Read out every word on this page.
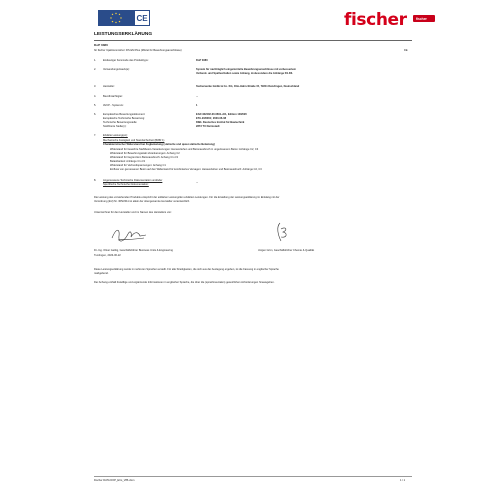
CE	fischer	fischer
LEISTUNGSERKLÄRUNG
DoP 0380
für fischer Injektionsmörtel: FIS EM Plus (Mörtel für Bewehrungsanschlüsse)	DE
1.	Eindeutiger Kenncode des Produkttyps:	DoP 0380
2.	Verwendungszweck(e):	System für nachträglich eingemörtelte Bewehrungsanschlüsse mit verbessertem
Verbund- und Spaltverhalten sowie Anhang, insbesondere die Anhänge D1-D3.
3.	Hersteller:	fischerwerke GmbH & Co. KG, Otto-Hahn-Straße 15, 79211 Denzlingen, Deutschland
4.	Bevollmächtigter:	--
5.	AVCP - System/e:	1
6.	Europäisches Bewertungsdokument:	EAD 332402-00-0601-v01, Edition 10/2020
Europäische Technische Bewertung:	ETA-23/0001; 2023-06-08
Technische Bewertungsstelle:	DIBt- Deutsches Institut für Bautechnik
Notifizierte Stelle(n):	2873 TU Darmstadt
7.	Erklärte Leistung(en):
Mechanische Festigkeit und Standsicherheit (BWR 1)
Charakteristischer Widerstand bei Zugbelastung (statische und quasi-statische Belastung)
Widerstand für bewehrte Stahlbeton-Verankerungen: Herausziehen und Betonausbruch in ungerissenem Beton: Anhänge C2, C3
Widerstand für Bewehrungsstab-Verankerungen: Anhang C2
Widerstand für begrenztem Betonausbruch: Anhang C1-C3
Belastbarkeit: Anhänge C1-C3
Widerstand für Verbundspannungen: Anhang C1
Einfluss von gemessener Beton auf den Widerstand für kombiniertes Versagen: Herausziehen und Betonausbruch: Anhänge C2, C3
8.	Angemessene Technische Dokumentation und/oder
Spezifische Technische Dokumentation:
--
Die Leistung des vorstehenden Produkts entspricht der erklärten Leistung/den erklärten Leistungen. Für die Erstellung der Leistungserklärung im Einklang mit der
Verordnung (EU) Nr. 305/2011 ist allein der obengenannte Hersteller verantwortlich.
Unterzeichnet für den Hersteller und im Namen des Herstellers von:
Dr.-Ing. Oliver Geibig, Geschäftsführer Business Units & Engineering	Jürgen Grün, Geschäftsführer Chemie & Qualität
Tumlingen, 2023-06-22
Diese Leistungserklärung wurde in mehreren Sprachen erstellt. Für alle Streitigkeiten, die sich aus der Auslegung ergeben, ist die Fassung in englischer Sprache
maßgebend.
Der Anhang enthält freiwillige und ergänzende Informationen in englischer Sprache, die über die (sprachneutralen) gesetzlichen Anforderungen hinausgehen.
Fischer DATA DOP_ECs_V86.xlsm	1 / 1
